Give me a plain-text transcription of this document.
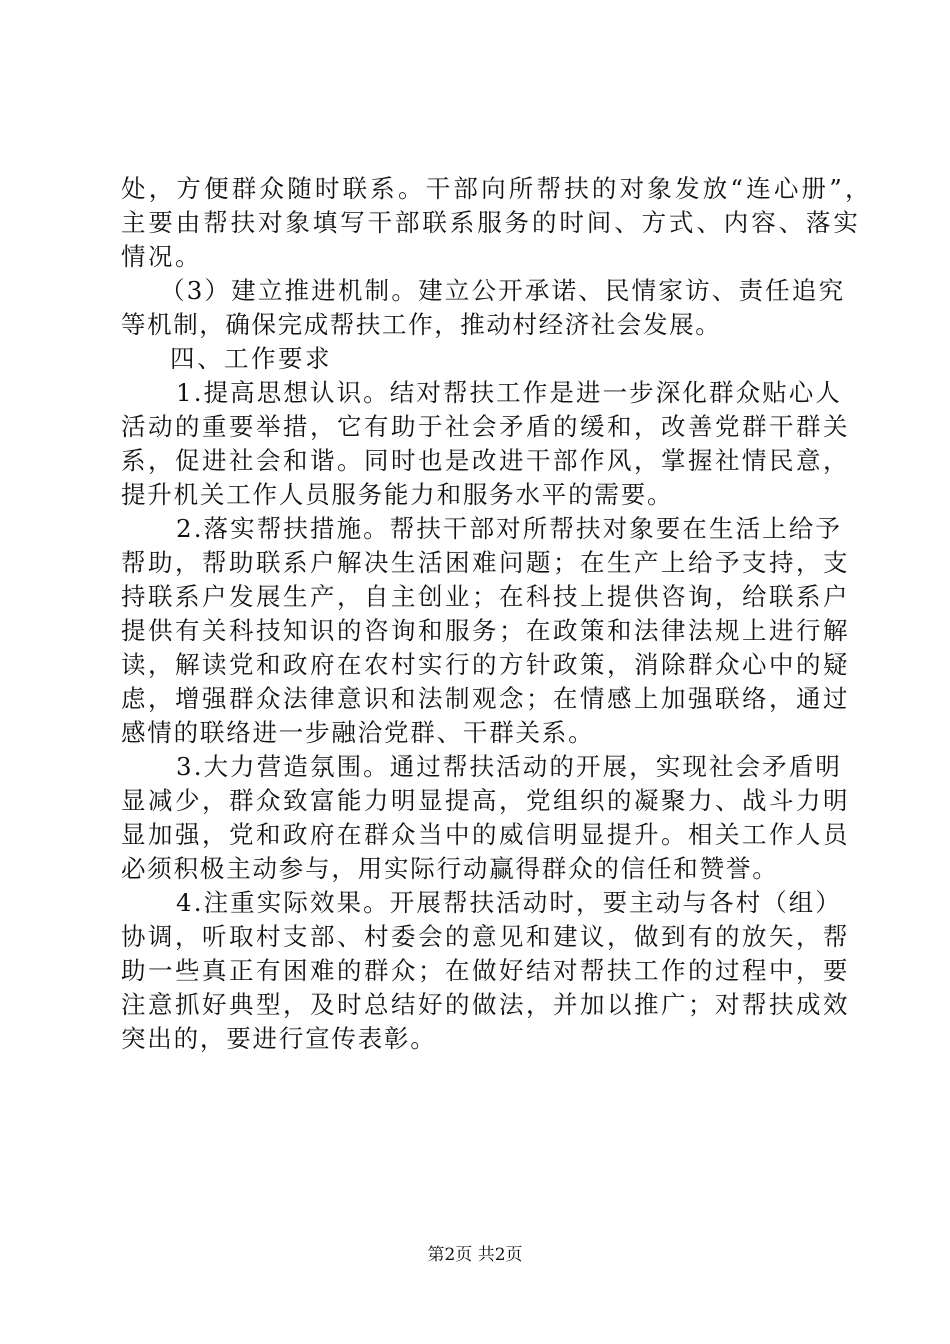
处，方便群众随时联系。干部向所帮扶的对象发放“连心册”，
主要由帮扶对象填写干部联系服务的时间、方式、内容、落实
情况。
（3）建立推进机制。建立公开承诺、民情家访、责任追究
等机制，确保完成帮扶工作，推动村经济社会发展。
四、工作要求
1.提高思想认识。结对帮扶工作是进一步深化群众贴心人
活动的重要举措，它有助于社会矛盾的缓和，改善党群干群关
系，促进社会和谐。同时也是改进干部作风，掌握社情民意，
提升机关工作人员服务能力和服务水平的需要。
2.落实帮扶措施。帮扶干部对所帮扶对象要在生活上给予
帮助，帮助联系户解决生活困难问题；在生产上给予支持，支
持联系户发展生产，自主创业；在科技上提供咨询，给联系户
提供有关科技知识的咨询和服务；在政策和法律法规上进行解
读，解读党和政府在农村实行的方针政策，消除群众心中的疑
虑，增强群众法律意识和法制观念；在情感上加强联络，通过
感情的联络进一步融洽党群、干群关系。
3.大力营造氛围。通过帮扶活动的开展，实现社会矛盾明
显减少，群众致富能力明显提高，党组织的凝聚力、战斗力明
显加强，党和政府在群众当中的威信明显提升。相关工作人员
必须积极主动参与，用实际行动赢得群众的信任和赞誉。
4.注重实际效果。开展帮扶活动时，要主动与各村（组）
协调，听取村支部、村委会的意见和建议，做到有的放矢，帮
助一些真正有困难的群众；在做好结对帮扶工作的过程中，要
注意抓好典型，及时总结好的做法，并加以推广；对帮扶成效
突出的，要进行宣传表彰。
第2页 共2页
